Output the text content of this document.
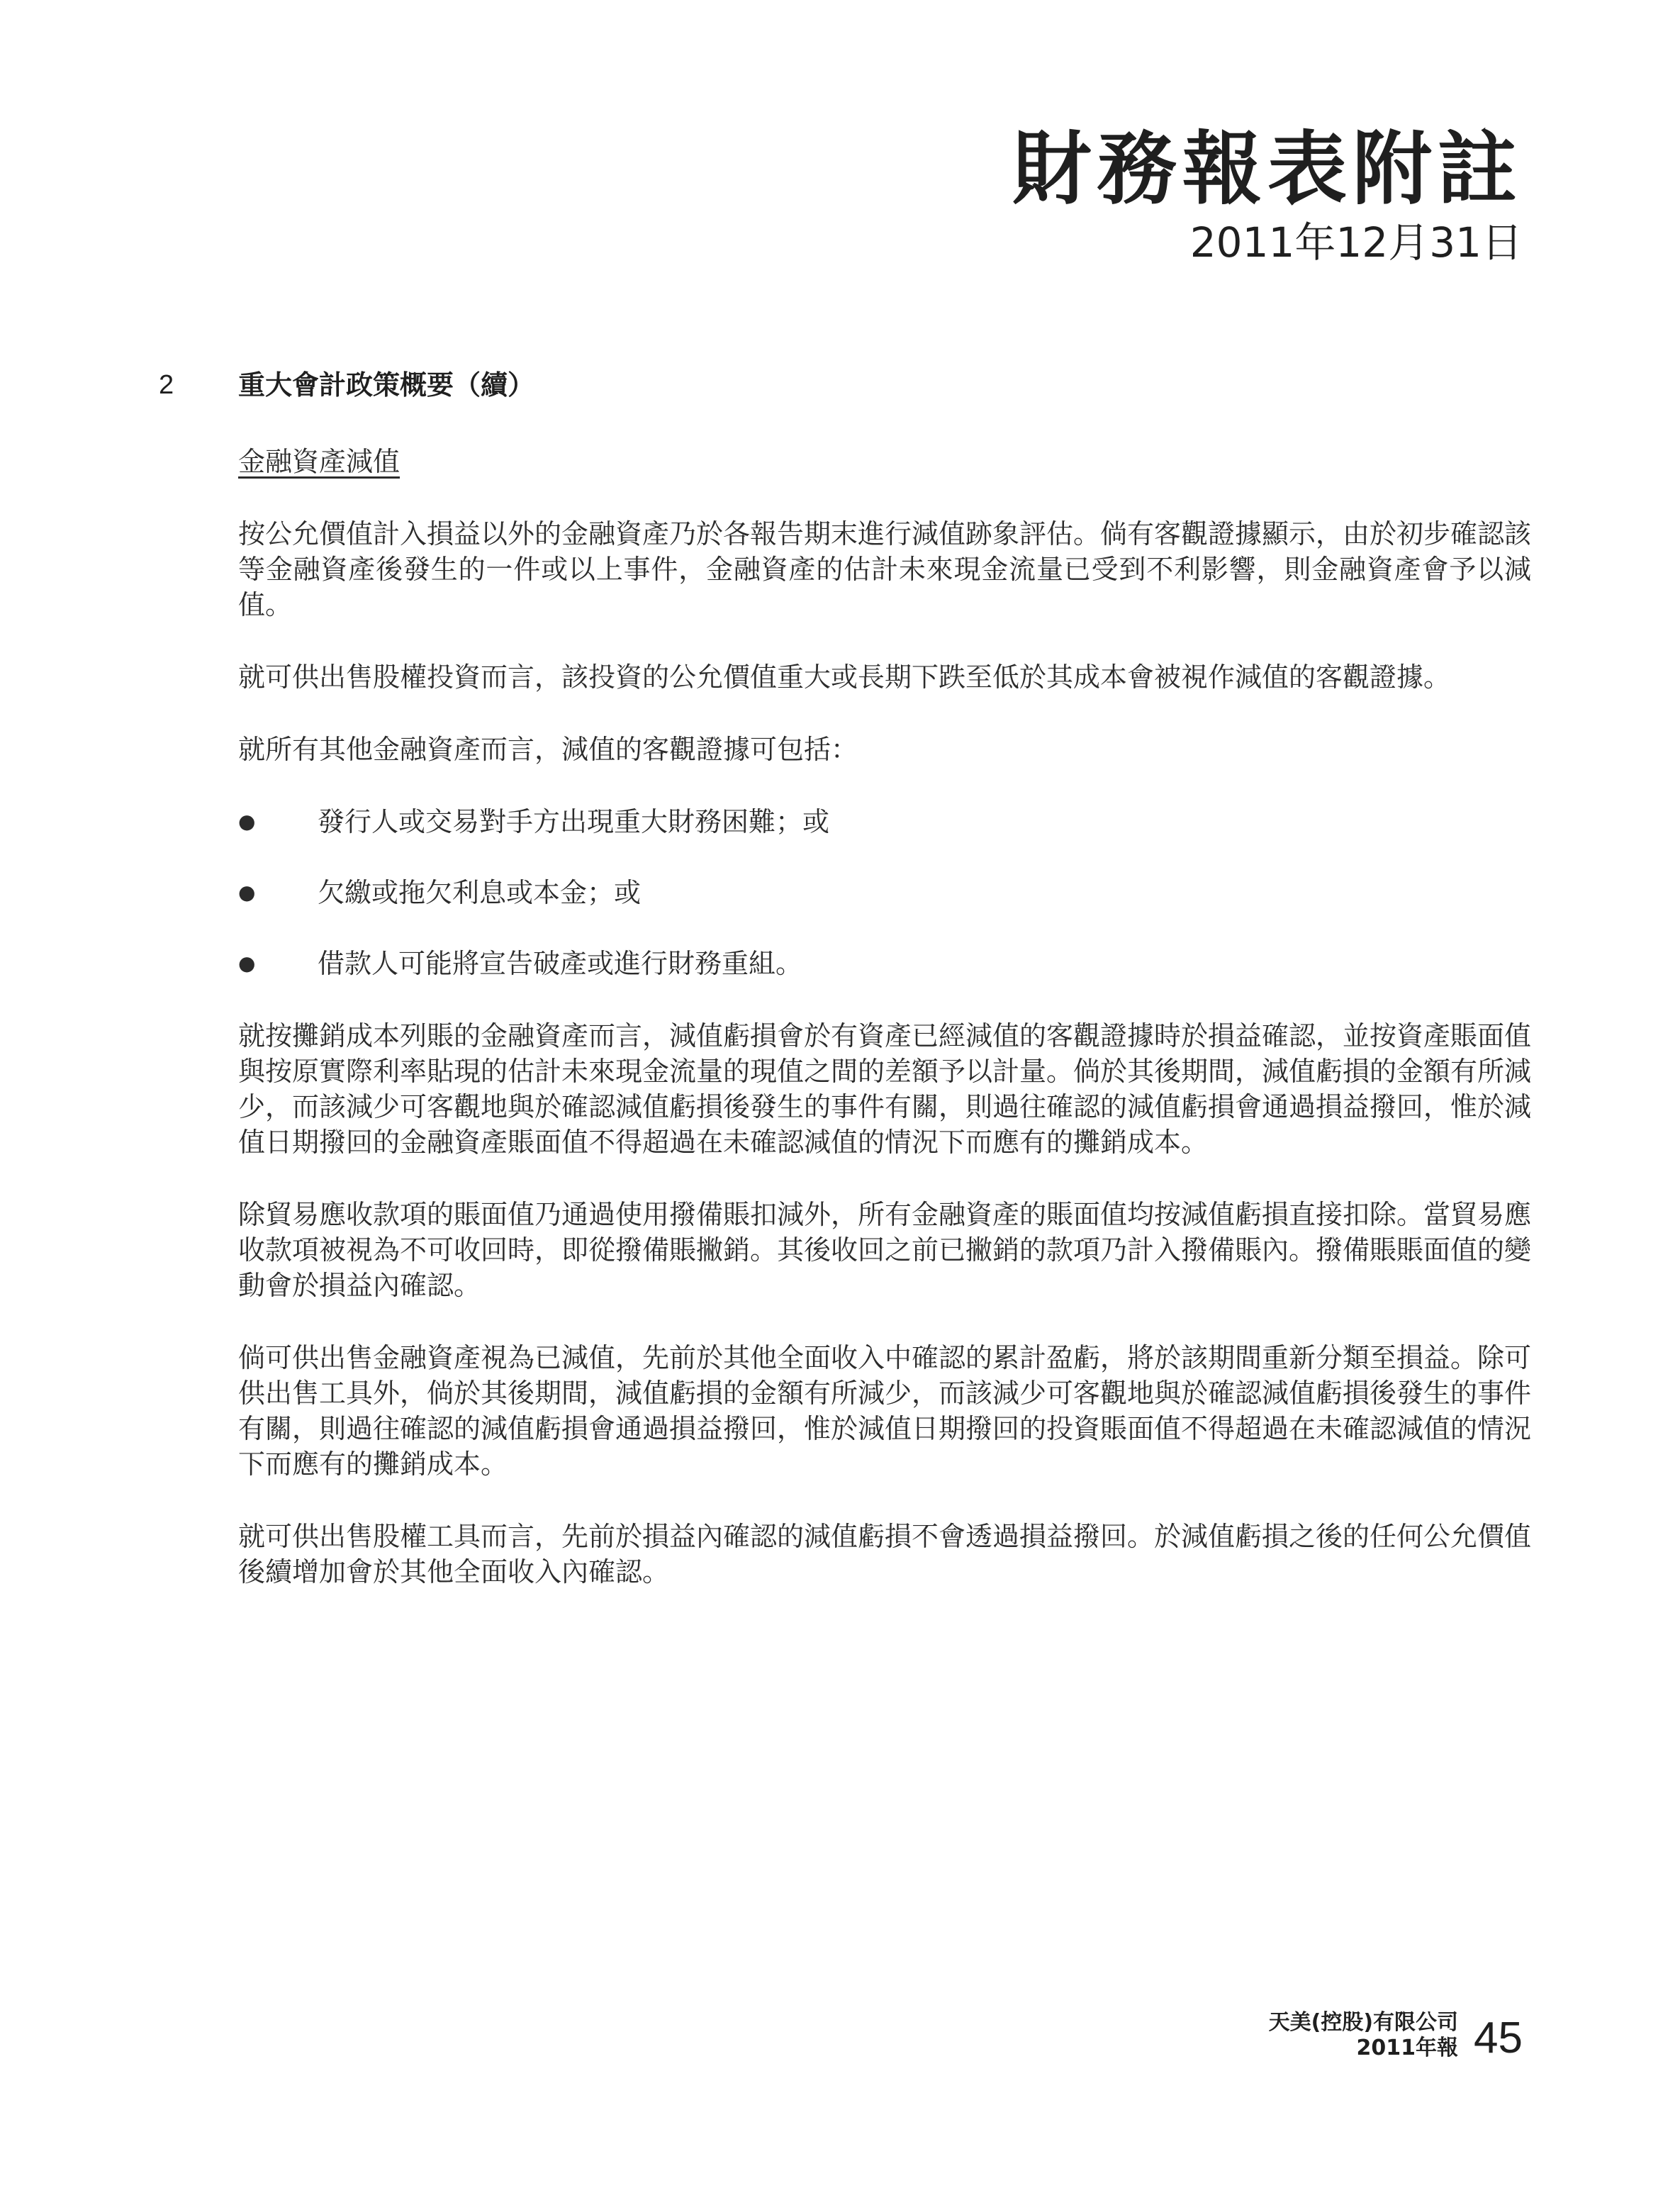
財務報表附註
2011年12月31日
2	重大會計政策概要（續）
金融資產減值

按公允價值計入損益以外的金融資產乃於各報告期末進行減值跡象評估。倘有客觀證據顯示，由於初步確認該等金融資產後發生的一件或以上事件，金融資產的估計未來現金流量已受到不利影響，則金融資產會予以減值。

就可供出售股權投資而言，該投資的公允價值重大或長期下跌至低於其成本會被視作減值的客觀證據。

就所有其他金融資產而言，減值的客觀證據可包括：

●	發行人或交易對手方出現重大財務困難；或
●	欠繳或拖欠利息或本金；或
●	借款人可能將宣告破產或進行財務重組。

就按攤銷成本列賬的金融資產而言，減值虧損會於有資產已經減值的客觀證據時於損益確認，並按資產賬面值與按原實際利率貼現的估計未來現金流量的現值之間的差額予以計量。倘於其後期間，減值虧損的金額有所減少，而該減少可客觀地與於確認減值虧損後發生的事件有關，則過往確認的減值虧損會通過損益撥回，惟於減值日期撥回的金融資產賬面值不得超過在未確認減值的情況下而應有的攤銷成本。

除貿易應收款項的賬面值乃通過使用撥備賬扣減外，所有金融資產的賬面值均按減值虧損直接扣除。當貿易應收款項被視為不可收回時，即從撥備賬撇銷。其後收回之前已撇銷的款項乃計入撥備賬內。撥備賬賬面值的變動會於損益內確認。

倘可供出售金融資產視為已減值，先前於其他全面收入中確認的累計盈虧，將於該期間重新分類至損益。除可供出售工具外，倘於其後期間，減值虧損的金額有所減少，而該減少可客觀地與於確認減值虧損後發生的事件有關，則過往確認的減值虧損會通過損益撥回，惟於減值日期撥回的投資賬面值不得超過在未確認減值的情況下而應有的攤銷成本。

就可供出售股權工具而言，先前於損益內確認的減值虧損不會透過損益撥回。於減值虧損之後的任何公允價值後續增加會於其他全面收入內確認。

天美(控股)有限公司
2011年報 45
